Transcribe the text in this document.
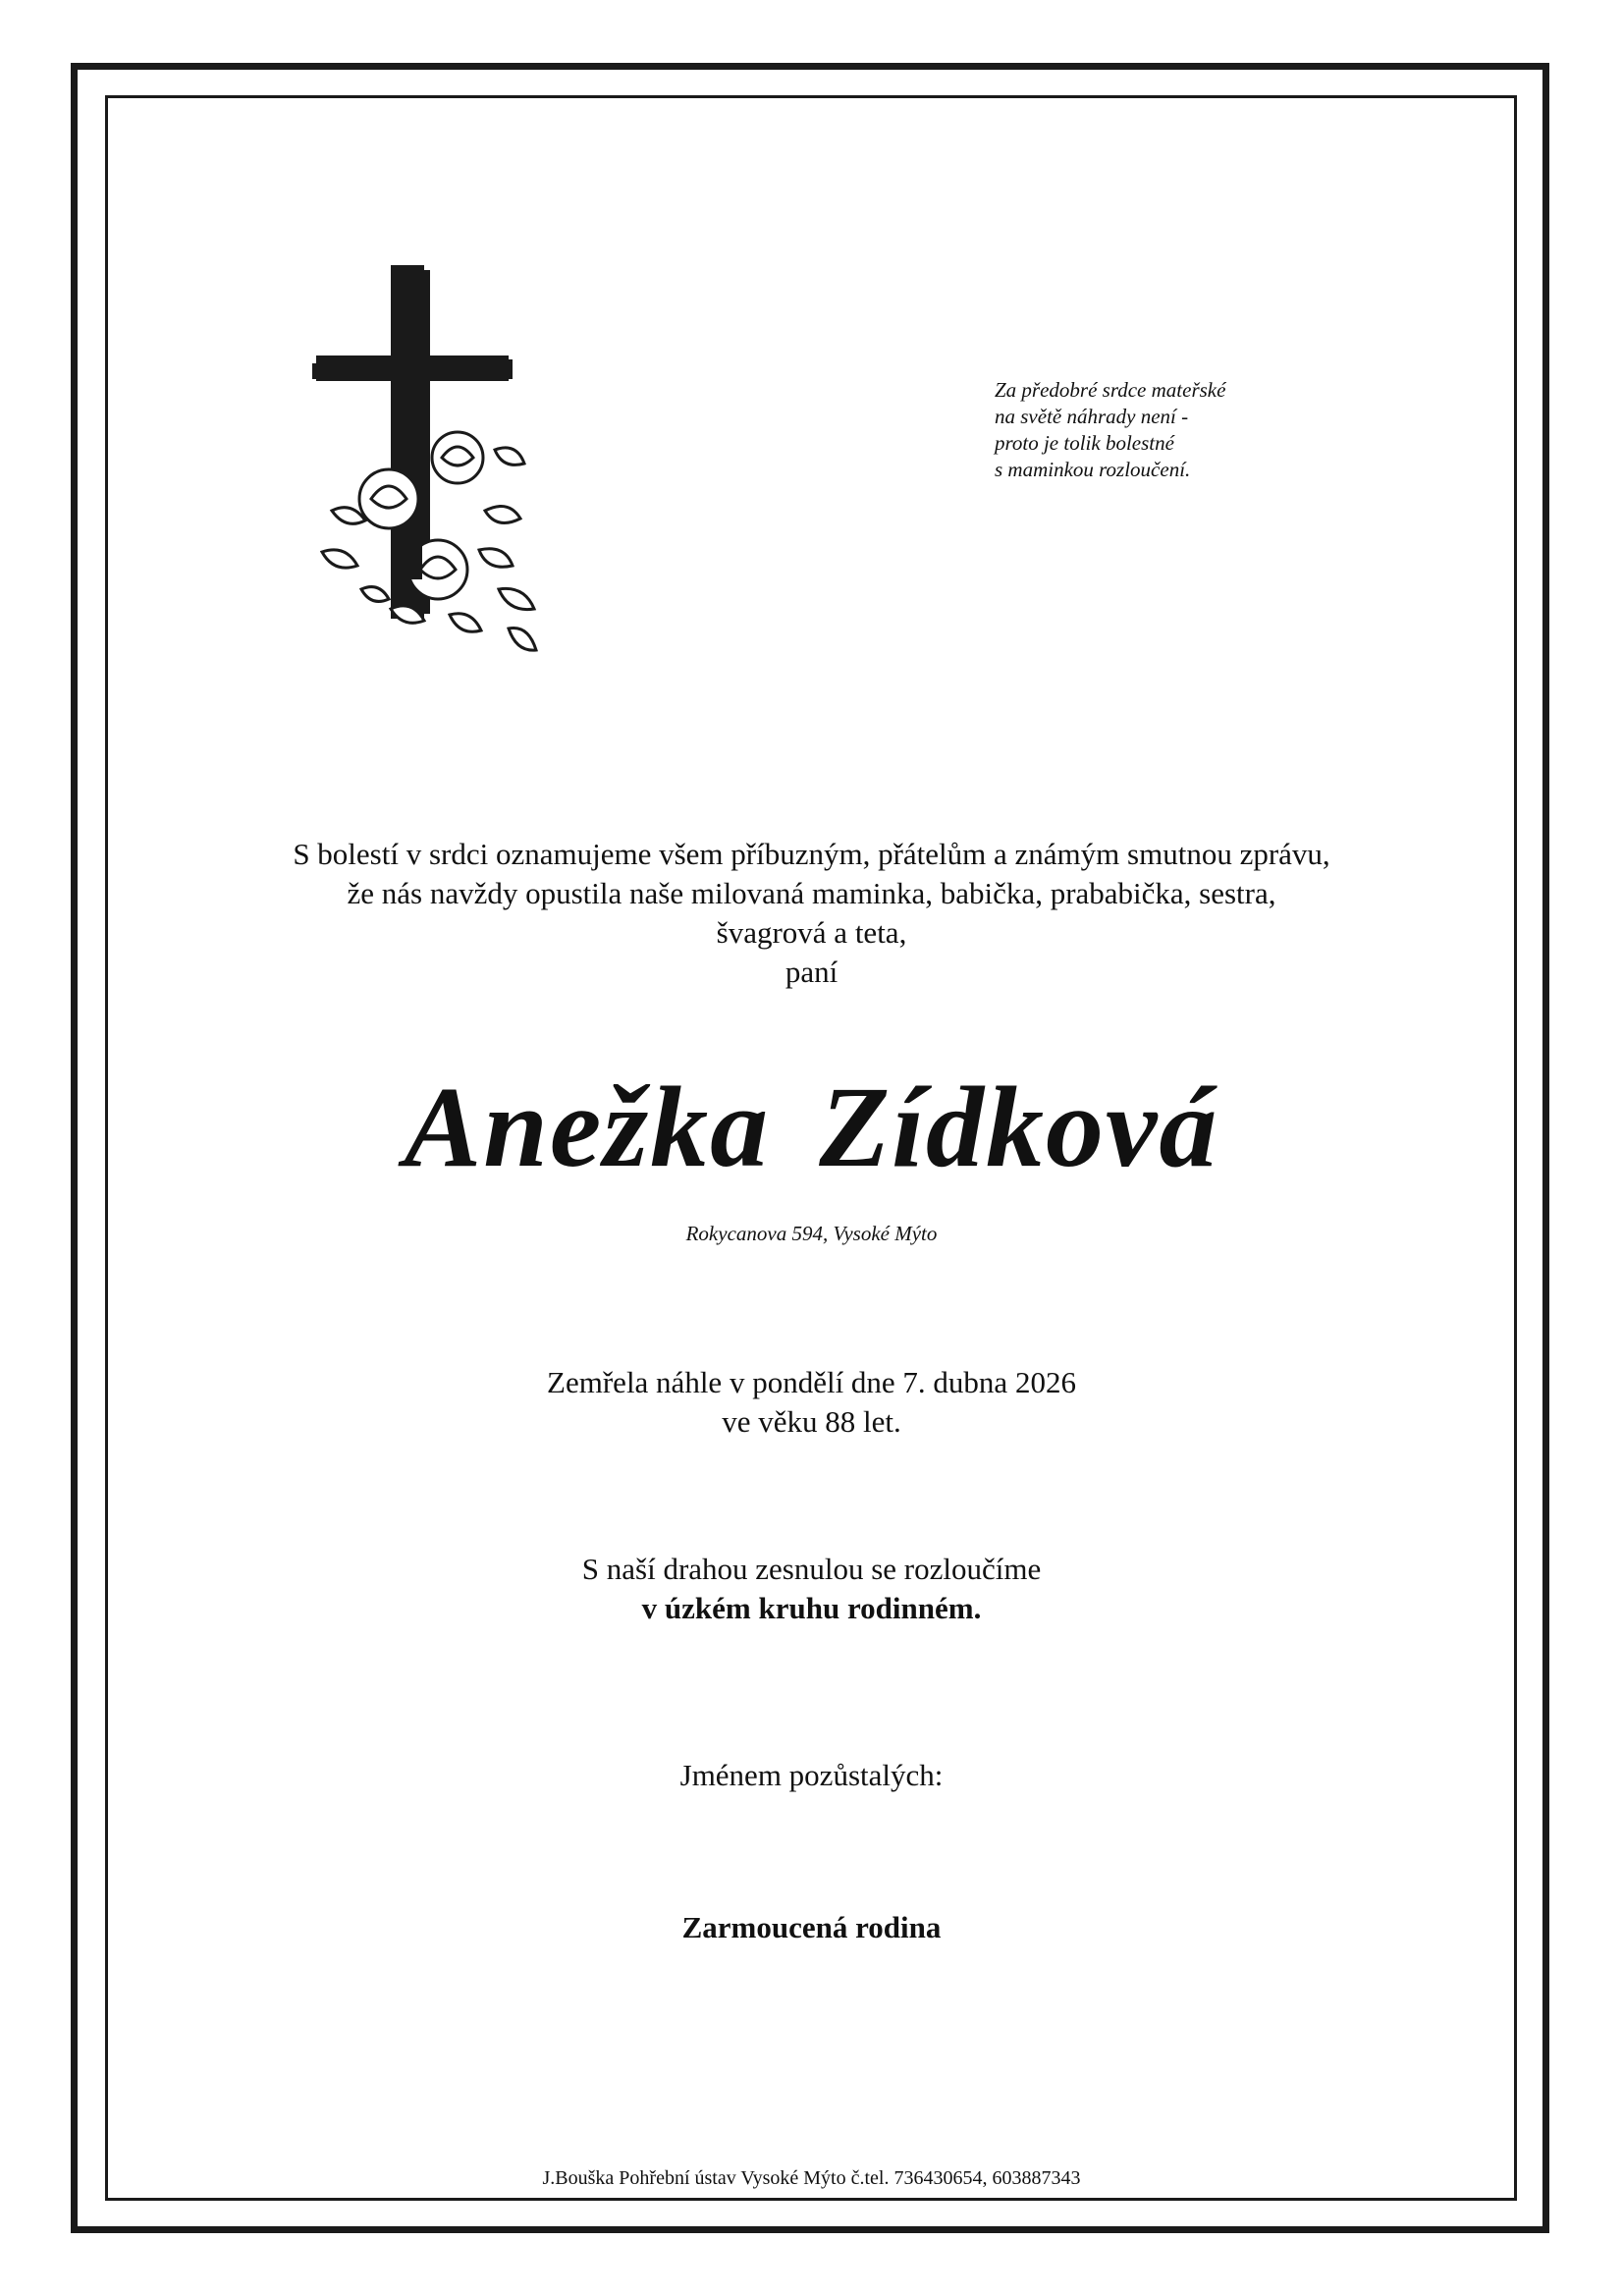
Za předobré srdce mateřské
na světě náhrady není -
proto je tolik bolestné
s maminkou rozloučení.
S bolestí v srdci oznamujeme všem příbuzným, přátelům a známým smutnou zprávu,
že nás navždy opustila naše milovaná maminka, babička, prababička, sestra,
švagrová a teta,
paní
Anežka Zídková
Rokycanova 594, Vysoké Mýto
Zemřela náhle v pondělí dne 7. dubna 2026
ve věku 88 let.
S naší drahou zesnulou se rozloučíme
v úzkém kruhu rodinném.
Jménem pozůstalých:
Zarmoucená rodina
J.Bouška Pohřební ústav Vysoké Mýto č.tel. 736430654, 603887343
